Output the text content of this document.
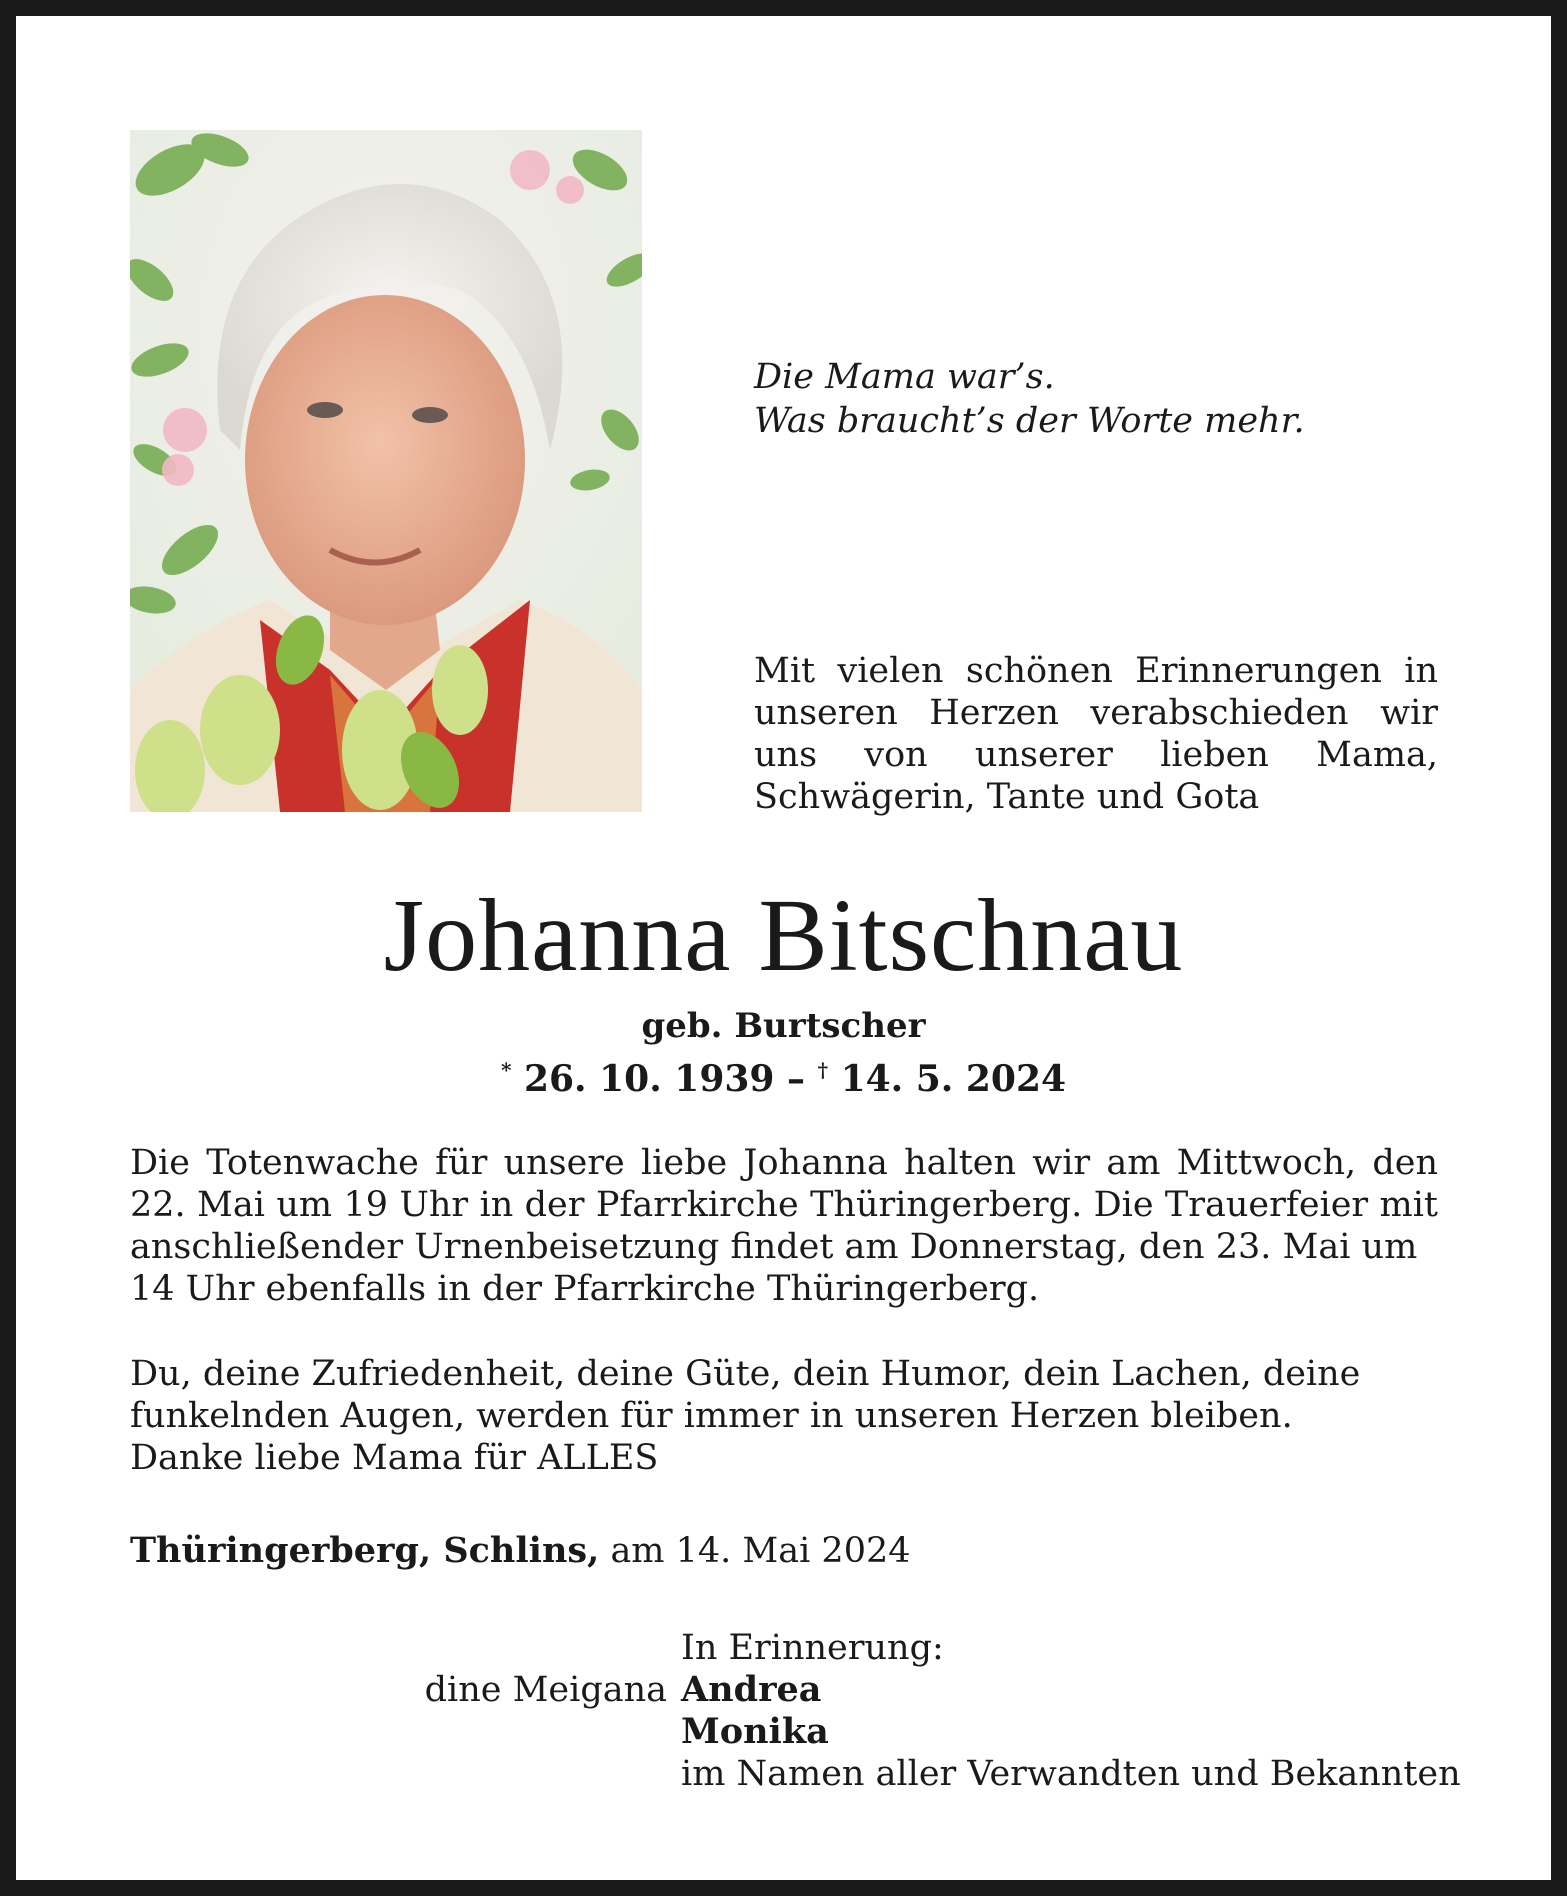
Die Mama war’s.
Was braucht’s der Worte mehr.
Mit vielen schönen Erinnerungen in unseren Herzen verabschieden wir uns von unserer lieben Mama, Schwägerin, Tante und Gota
Johanna Bitschnau
geb. Burtscher
* 26. 10. 1939 – † 14. 5. 2024
Die Totenwache für unsere liebe Johanna halten wir am Mittwoch, den 22. Mai um 19 Uhr in der Pfarrkirche Thüringerberg. Die Trauerfeier mit anschließender Urnenbeisetzung findet am Donnerstag, den 23. Mai um
14 Uhr ebenfalls in der Pfarrkirche Thüringerberg.
Du, deine Zufriedenheit, deine Güte, dein Humor, dein Lachen, deine
funkelnden Augen, werden für immer in unseren Herzen bleiben.
Danke liebe Mama für ALLES
Thüringerberg, Schlins, am 14. Mai 2024
dine Meigana
In Erinnerung:
Andrea
Monika
im Namen aller Verwandten und Bekannten
